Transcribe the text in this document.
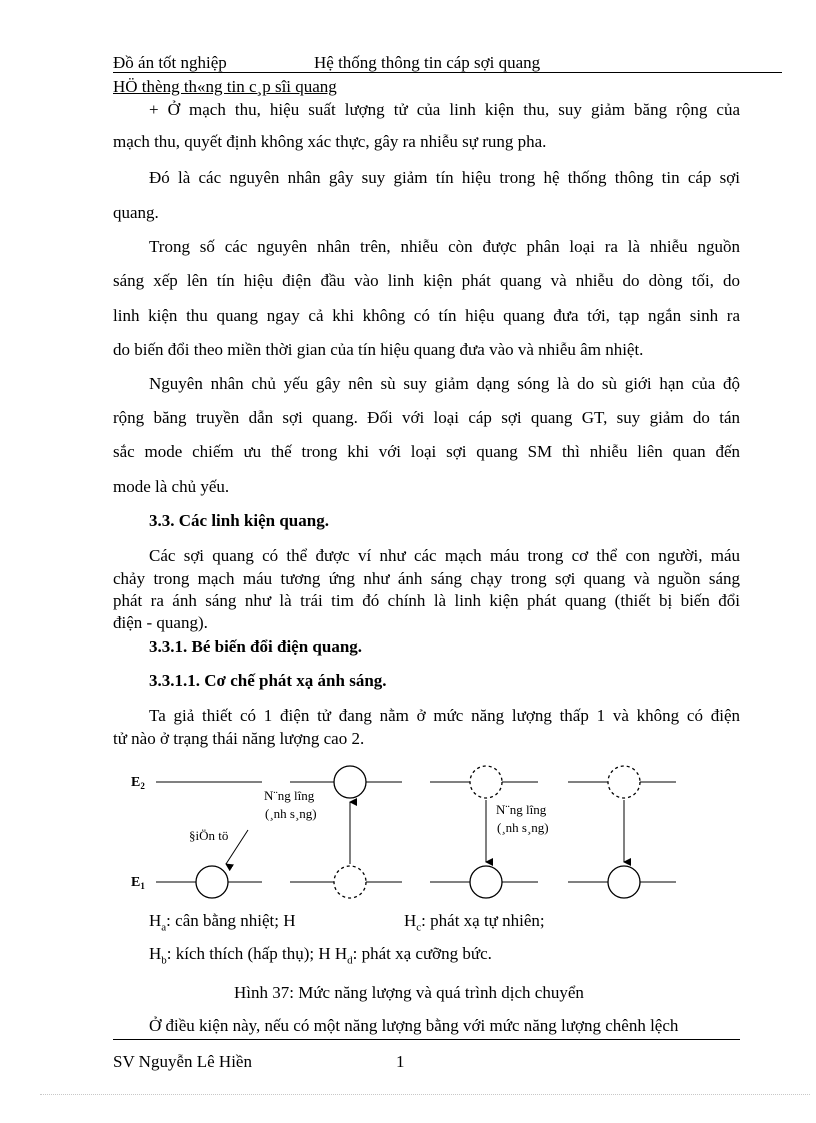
Đồ án tốt nghiệp	Hệ thống thông tin cáp sợi quang
HÖ thèng th«ng tin c¸p sîi quang
+ Ở mạch thu, hiệu suất lượng tử của linh kiện thu, suy giảm băng rộng của
mạch thu, quyết định không xác thực, gây ra nhiễu sự rung pha.
Đó là các nguyên nhân gây suy giảm tín hiệu trong hệ thống thông tin cáp sợi
quang.
Trong số các nguyên nhân trên, nhiễu còn được phân loại ra là nhiễu nguồn
sáng xếp lên tín hiệu điện đầu vào linh kiện phát quang và nhiễu do dòng tối, do
linh kiện thu quang ngay cả khi không có tín hiệu quang đưa tới, tạp ngắn sinh ra
do biến đổi theo miền thời gian của tín hiệu quang đưa vào và nhiễu âm nhiệt.
Nguyên nhân chủ yếu gây nên sù suy giảm dạng sóng là do sù giới hạn của độ
rộng băng truyền dẫn sợi quang. Đối với loại cáp sợi quang GT, suy giảm do tán
sắc mode chiếm ưu thế trong khi với loại sợi quang SM thì nhiễu liên quan đến
mode là chủ yếu.
3.3. Các linh kiện quang.
Các sợi quang có thể được ví như các mạch máu trong cơ thể con người, máu
chảy trong mạch máu tương ứng như ánh sáng chạy trong sợi quang và nguồn sáng
phát ra ánh sáng như là trái tim đó chính là linh kiện phát quang (thiết bị biến đổi
điện - quang).
3.3.1. Bé biến đổi điện quang.
3.3.1.1. Cơ chế phát xạ ánh sáng.
Ta giả thiết có 1 điện tử đang nằm ở mức năng lượng thấp 1 và không có điện
tử nào ở trạng thái năng lượng cao 2.
$E_2$
$E_1$
§iÖn tö
N¨ng lîng
(¸nh s¸ng)	N¨ng lîng
(¸nh s¸ng)
$H_a$: cân bằng nhiệt; H	$H_c$: phát xạ tự nhiên;
$H_b$: kích thích (hấp thụ); H $H_d$: phát xạ cưỡng bức.
Hình 37: Mức năng lượng và quá trình dịch chuyển
Ở điều kiện này, nếu có một năng lượng bằng với mức năng lượng chênh lệch
SV Nguyễn Lê Hiền	1
